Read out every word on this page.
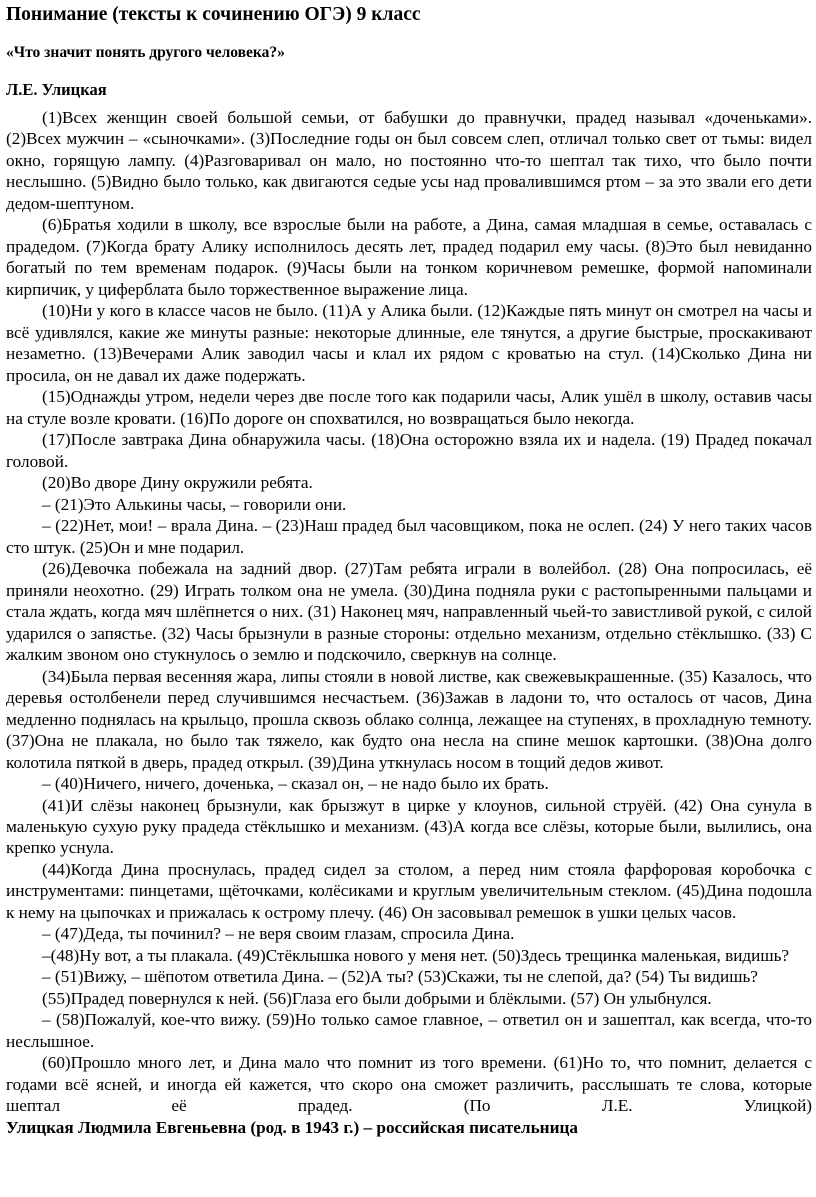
Понимание (тексты к сочинению ОГЭ) 9 класс
«Что значит понять другого человека?»
Л.Е. Улицкая

(1)Всех женщин своей большой семьи, от бабушки до правнучки, прадед называл «доченьками». (2)Всех мужчин – «сыночками». (3)Последние годы он был совсем слеп, отличал только свет от тьмы: видел окно, горящую лампу. (4)Разговаривал он мало, но постоянно что-то шептал так тихо, что было почти неслышно. (5)Видно было только, как двигаются седые усы над провалившимся ртом – за это звали его дети дедом-шептуном.

(6)Братья ходили в школу, все взрослые были на работе, а Дина, самая младшая в семье, оставалась с прадедом. (7)Когда брату Алику исполнилось десять лет, прадед подарил ему часы. (8)Это был невиданно богатый по тем временам подарок. (9)Часы были на тонком коричневом ремешке, формой напоминали кирпичик, у циферблата было торжественное выражение лица.

(10)Ни у кого в классе часов не было. (11)А у Алика были. (12)Каждые пять минут он смотрел на часы и всё удивлялся, какие же минуты разные: некоторые длинные, еле тянутся, а другие быстрые, проскакивают незаметно. (13)Вечерами Алик заводил часы и клал их рядом с кроватью на стул. (14)Сколько Дина ни просила, он не давал их даже подержать.

(15)Однажды утром, недели через две после того как подарили часы, Алик ушёл в школу, оставив часы на стуле возле кровати. (16)По дороге он спохватился, но возвращаться было некогда.

(17)После завтрака Дина обнаружила часы. (18)Она осторожно взяла их и надела. (19) Прадед покачал головой.

(20)Во дворе Дину окружили ребята.

– (21)Это Алькины часы, – говорили они.

– (22)Нет, мои! – врала Дина. – (23)Наш прадед был часовщиком, пока не ослеп. (24) У него таких часов сто штук. (25)Он и мне подарил.

(26)Девочка побежала на задний двор. (27)Там ребята играли в волейбол. (28) Она попросилась, её приняли неохотно. (29) Играть толком она не умела. (30)Дина подняла руки с растопыренными пальцами и стала ждать, когда мяч шлёпнется о них. (31) Наконец мяч, направленный чьей-то завистливой рукой, с силой ударился о запястье. (32) Часы брызнули в разные стороны: отдельно механизм, отдельно стёклышко. (33) С жалким звоном оно стукнулось о землю и подскочило, сверкнув на солнце.

(34)Была первая весенняя жара, липы стояли в новой листве, как свежевыкрашенные. (35) Казалось, что деревья остолбенели перед случившимся несчастьем. (36)Зажав в ладони то, что осталось от часов, Дина медленно поднялась на крыльцо, прошла сквозь облако солнца, лежащее на ступенях, в прохладную темноту. (37)Она не плакала, но было так тяжело, как будто она несла на спине мешок картошки. (38)Она долго колотила пяткой в дверь, прадед открыл. (39)Дина уткнулась носом в тощий дедов живот.

– (40)Ничего, ничего, доченька, – сказал он, – не надо было их брать.

(41)И слёзы наконец брызнули, как брызжут в цирке у клоунов, сильной струёй. (42) Она сунула в маленькую сухую руку прадеда стёклышко и механизм. (43)А когда все слёзы, которые были, вылились, она крепко уснула.

(44)Когда Дина проснулась, прадед сидел за столом, а перед ним стояла фарфоровая коробочка с инструментами: пинцетами, щёточками, колёсиками и круглым увеличительным стеклом. (45)Дина подошла к нему на цыпочках и прижалась к острому плечу. (46) Он засовывал ремешок в ушки целых часов.

– (47)Деда, ты починил? – не веря своим глазам, спросила Дина.

–(48)Ну вот, а ты плакала. (49)Стёклышка нового у меня нет. (50)Здесь трещинка маленькая, видишь?

– (51)Вижу, – шёпотом ответила Дина. – (52)А ты? (53)Скажи, ты не слепой, да? (54) Ты видишь?

(55)Прадед повернулся к ней. (56)Глаза его были добрыми и блёклыми. (57) Он улыбнулся.

– (58)Пожалуй, кое-что вижу. (59)Но только самое главное, – ответил он и зашептал, как всегда, что-то неслышное.

(60)Прошло много лет, и Дина мало что помнит из того времени. (61)Но то, что помнит, делается с годами всё ясней, и иногда ей кажется, что скоро она сможет различить, расслышать те слова, которые шептал её прадед. (По Л.Е. Улицкой)

Улицкая Людмила Евгеньевна (род. в 1943 г.) – российская писательница
